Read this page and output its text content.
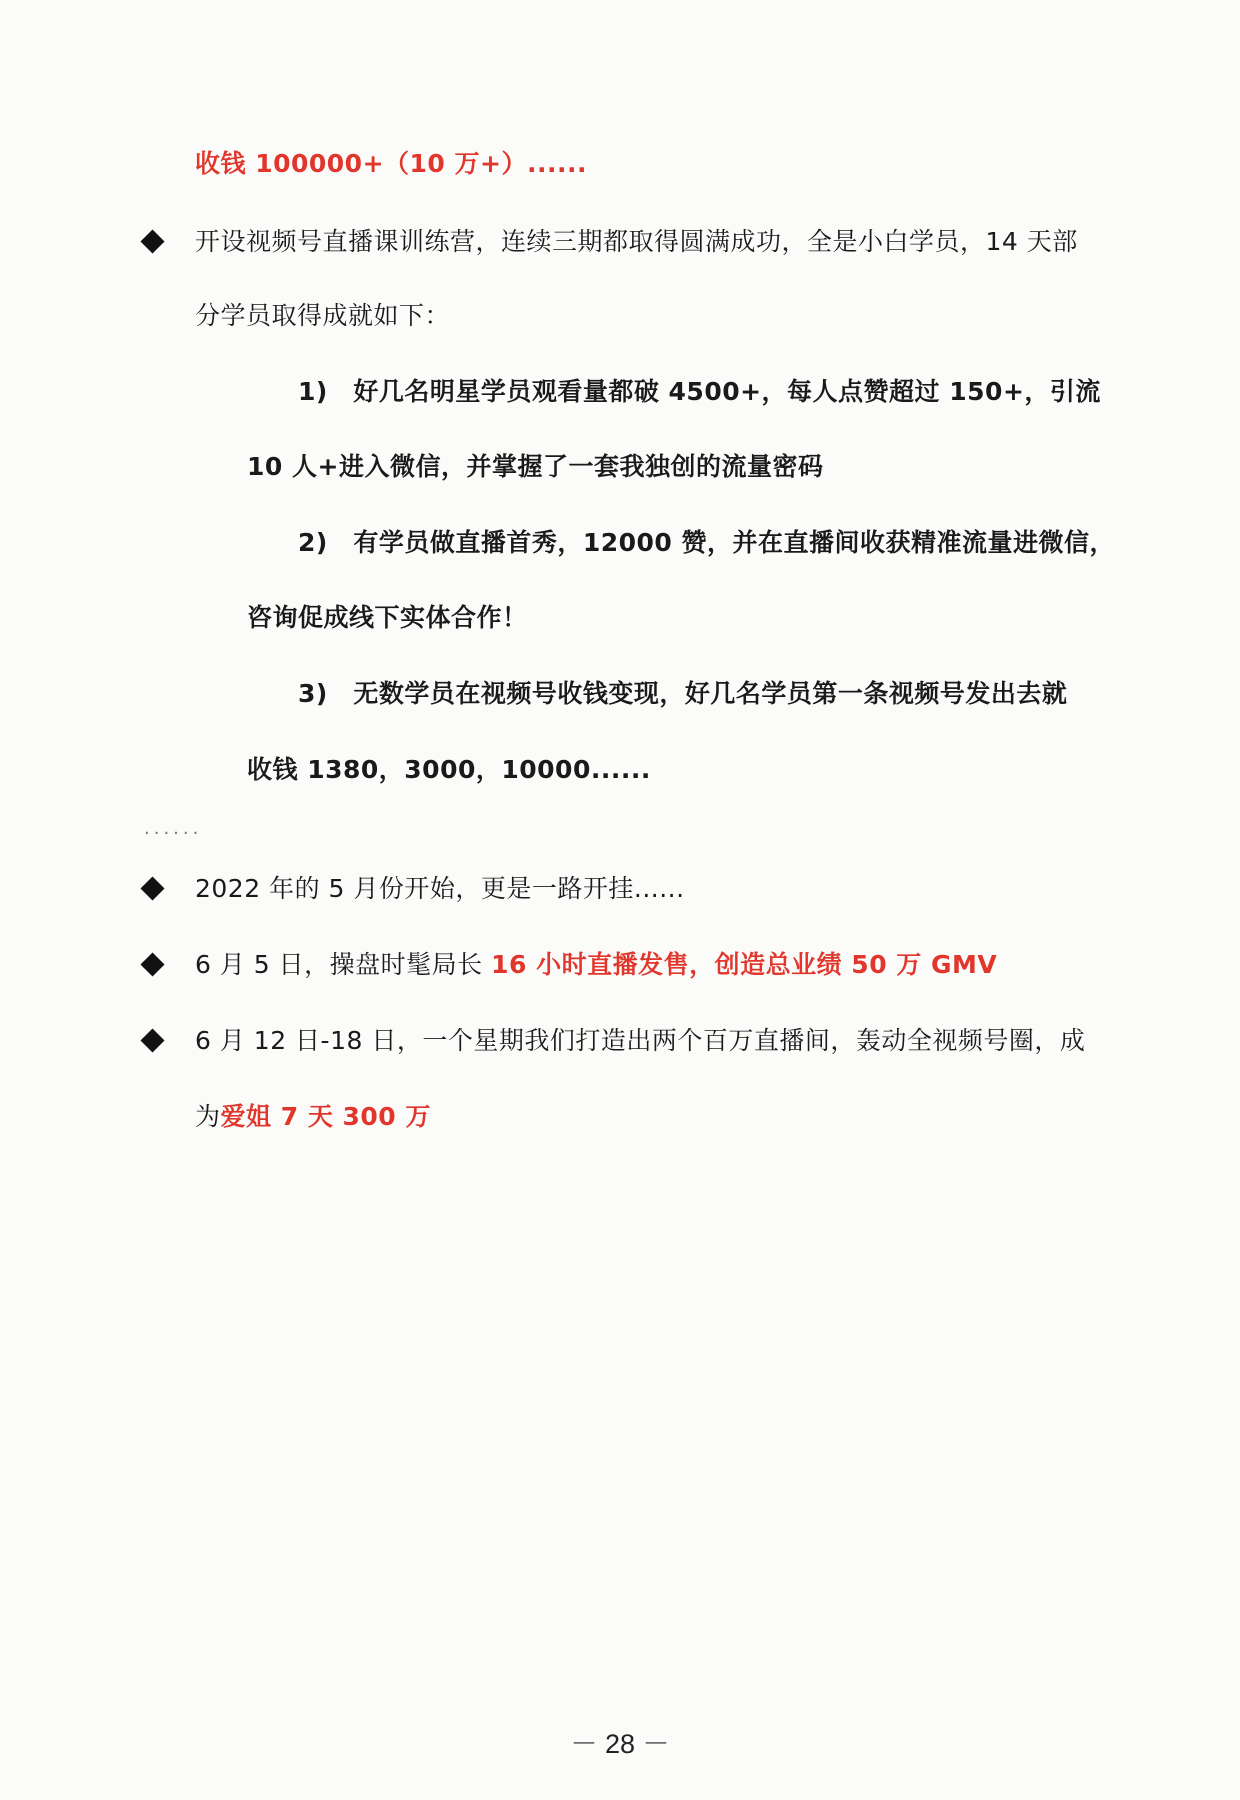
收钱 100000+（10 万+）......
开设视频号直播课训练营，连续三期都取得圆满成功，全是小白学员，14 天部
分学员取得成就如下：
1)　好几名明星学员观看量都破 4500+，每人点赞超过 150+，引流
10 人+进入微信，并掌握了一套我独创的流量密码
2)　有学员做直播首秀，12000 赞，并在直播间收获精准流量进微信，
咨询促成线下实体合作！
3)　无数学员在视频号收钱变现，好几名学员第一条视频号发出去就
收钱 1380，3000，10000......
......
2022 年的 5 月份开始，更是一路开挂......
6 月 5 日，操盘时髦局长 16 小时直播发售，创造总业绩 50 万 GMV
6 月 12 日-18 日，一个星期我们打造出两个百万直播间，轰动全视频号圈，成
为爱姐 7 天 300 万
－ 28 －
